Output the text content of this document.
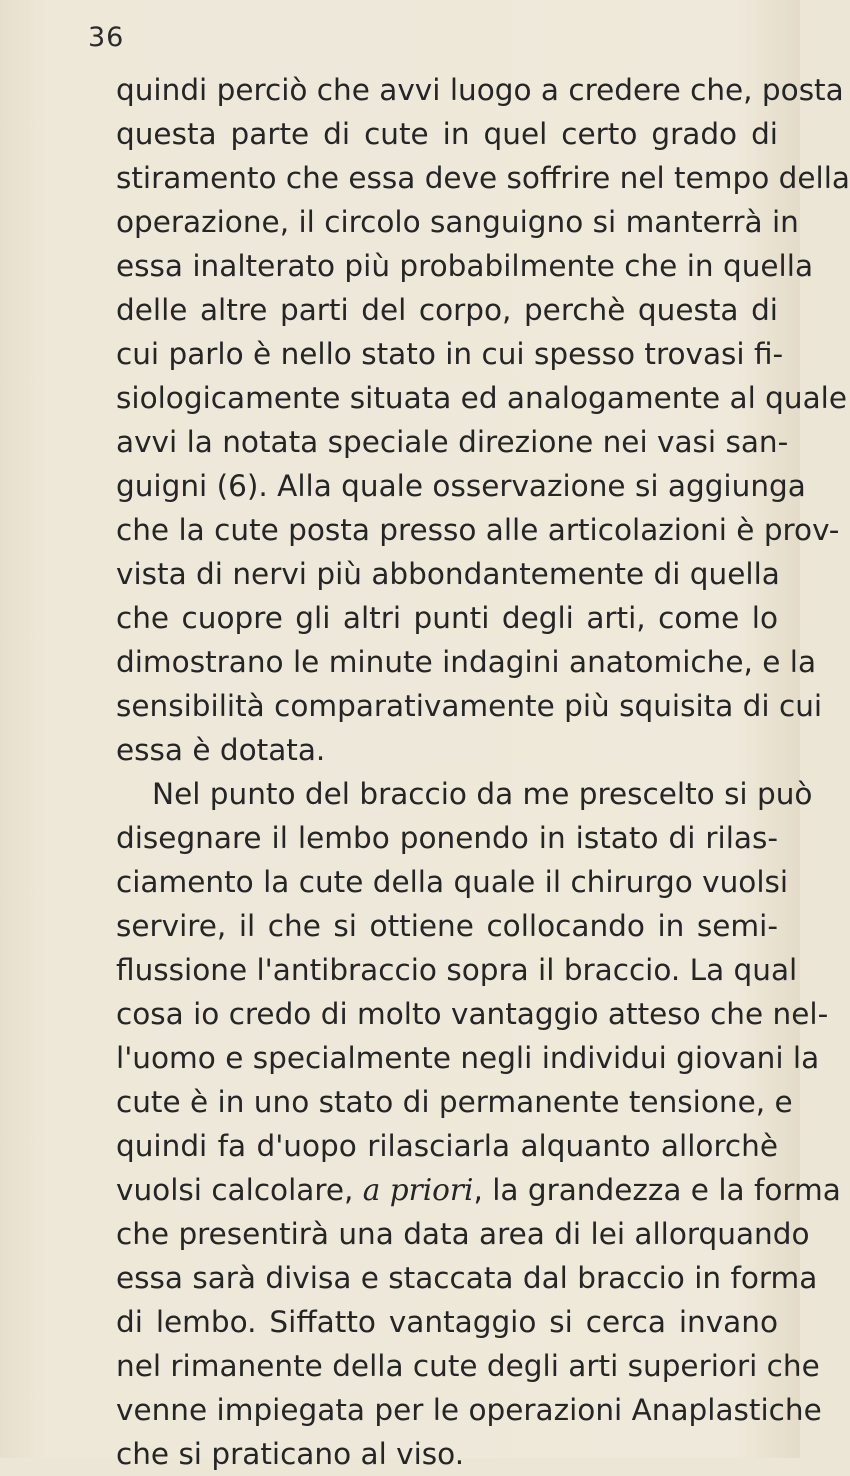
36
quindi perciò che avvi luogo a credere che, posta
questa parte di cute in quel certo grado di
stiramento che essa deve soffrire nel tempo della
operazione, il circolo sanguigno si manterrà in
essa inalterato più probabilmente che in quella
delle altre parti del corpo, perchè questa di
cui parlo è nello stato in cui spesso trovasi fi-
siologicamente situata ed analogamente al quale
avvi la notata speciale direzione nei vasi san-
guigni (6). Alla quale osservazione si aggiunga
che la cute posta presso alle articolazioni è prov-
vista di nervi più abbondantemente di quella
che cuopre gli altri punti degli arti, come lo
dimostrano le minute indagini anatomiche, e la
sensibilità comparativamente più squisita di cui
essa è dotata.
Nel punto del braccio da me prescelto si può
disegnare il lembo ponendo in istato di rilas-
ciamento la cute della quale il chirurgo vuolsi
servire, il che si ottiene collocando in semi-
flussione l'antibraccio sopra il braccio. La qual
cosa io credo di molto vantaggio atteso che nel-
l'uomo e specialmente negli individui giovani la
cute è in uno stato di permanente tensione, e
quindi fa d'uopo rilasciarla alquanto allorchè
vuolsi calcolare, a priori, la grandezza e la forma
che presentirà una data area di lei allorquando
essa sarà divisa e staccata dal braccio in forma
di lembo. Siffatto vantaggio si cerca invano
nel rimanente della cute degli arti superiori che
venne impiegata per le operazioni Anaplastiche
che si praticano al viso.
